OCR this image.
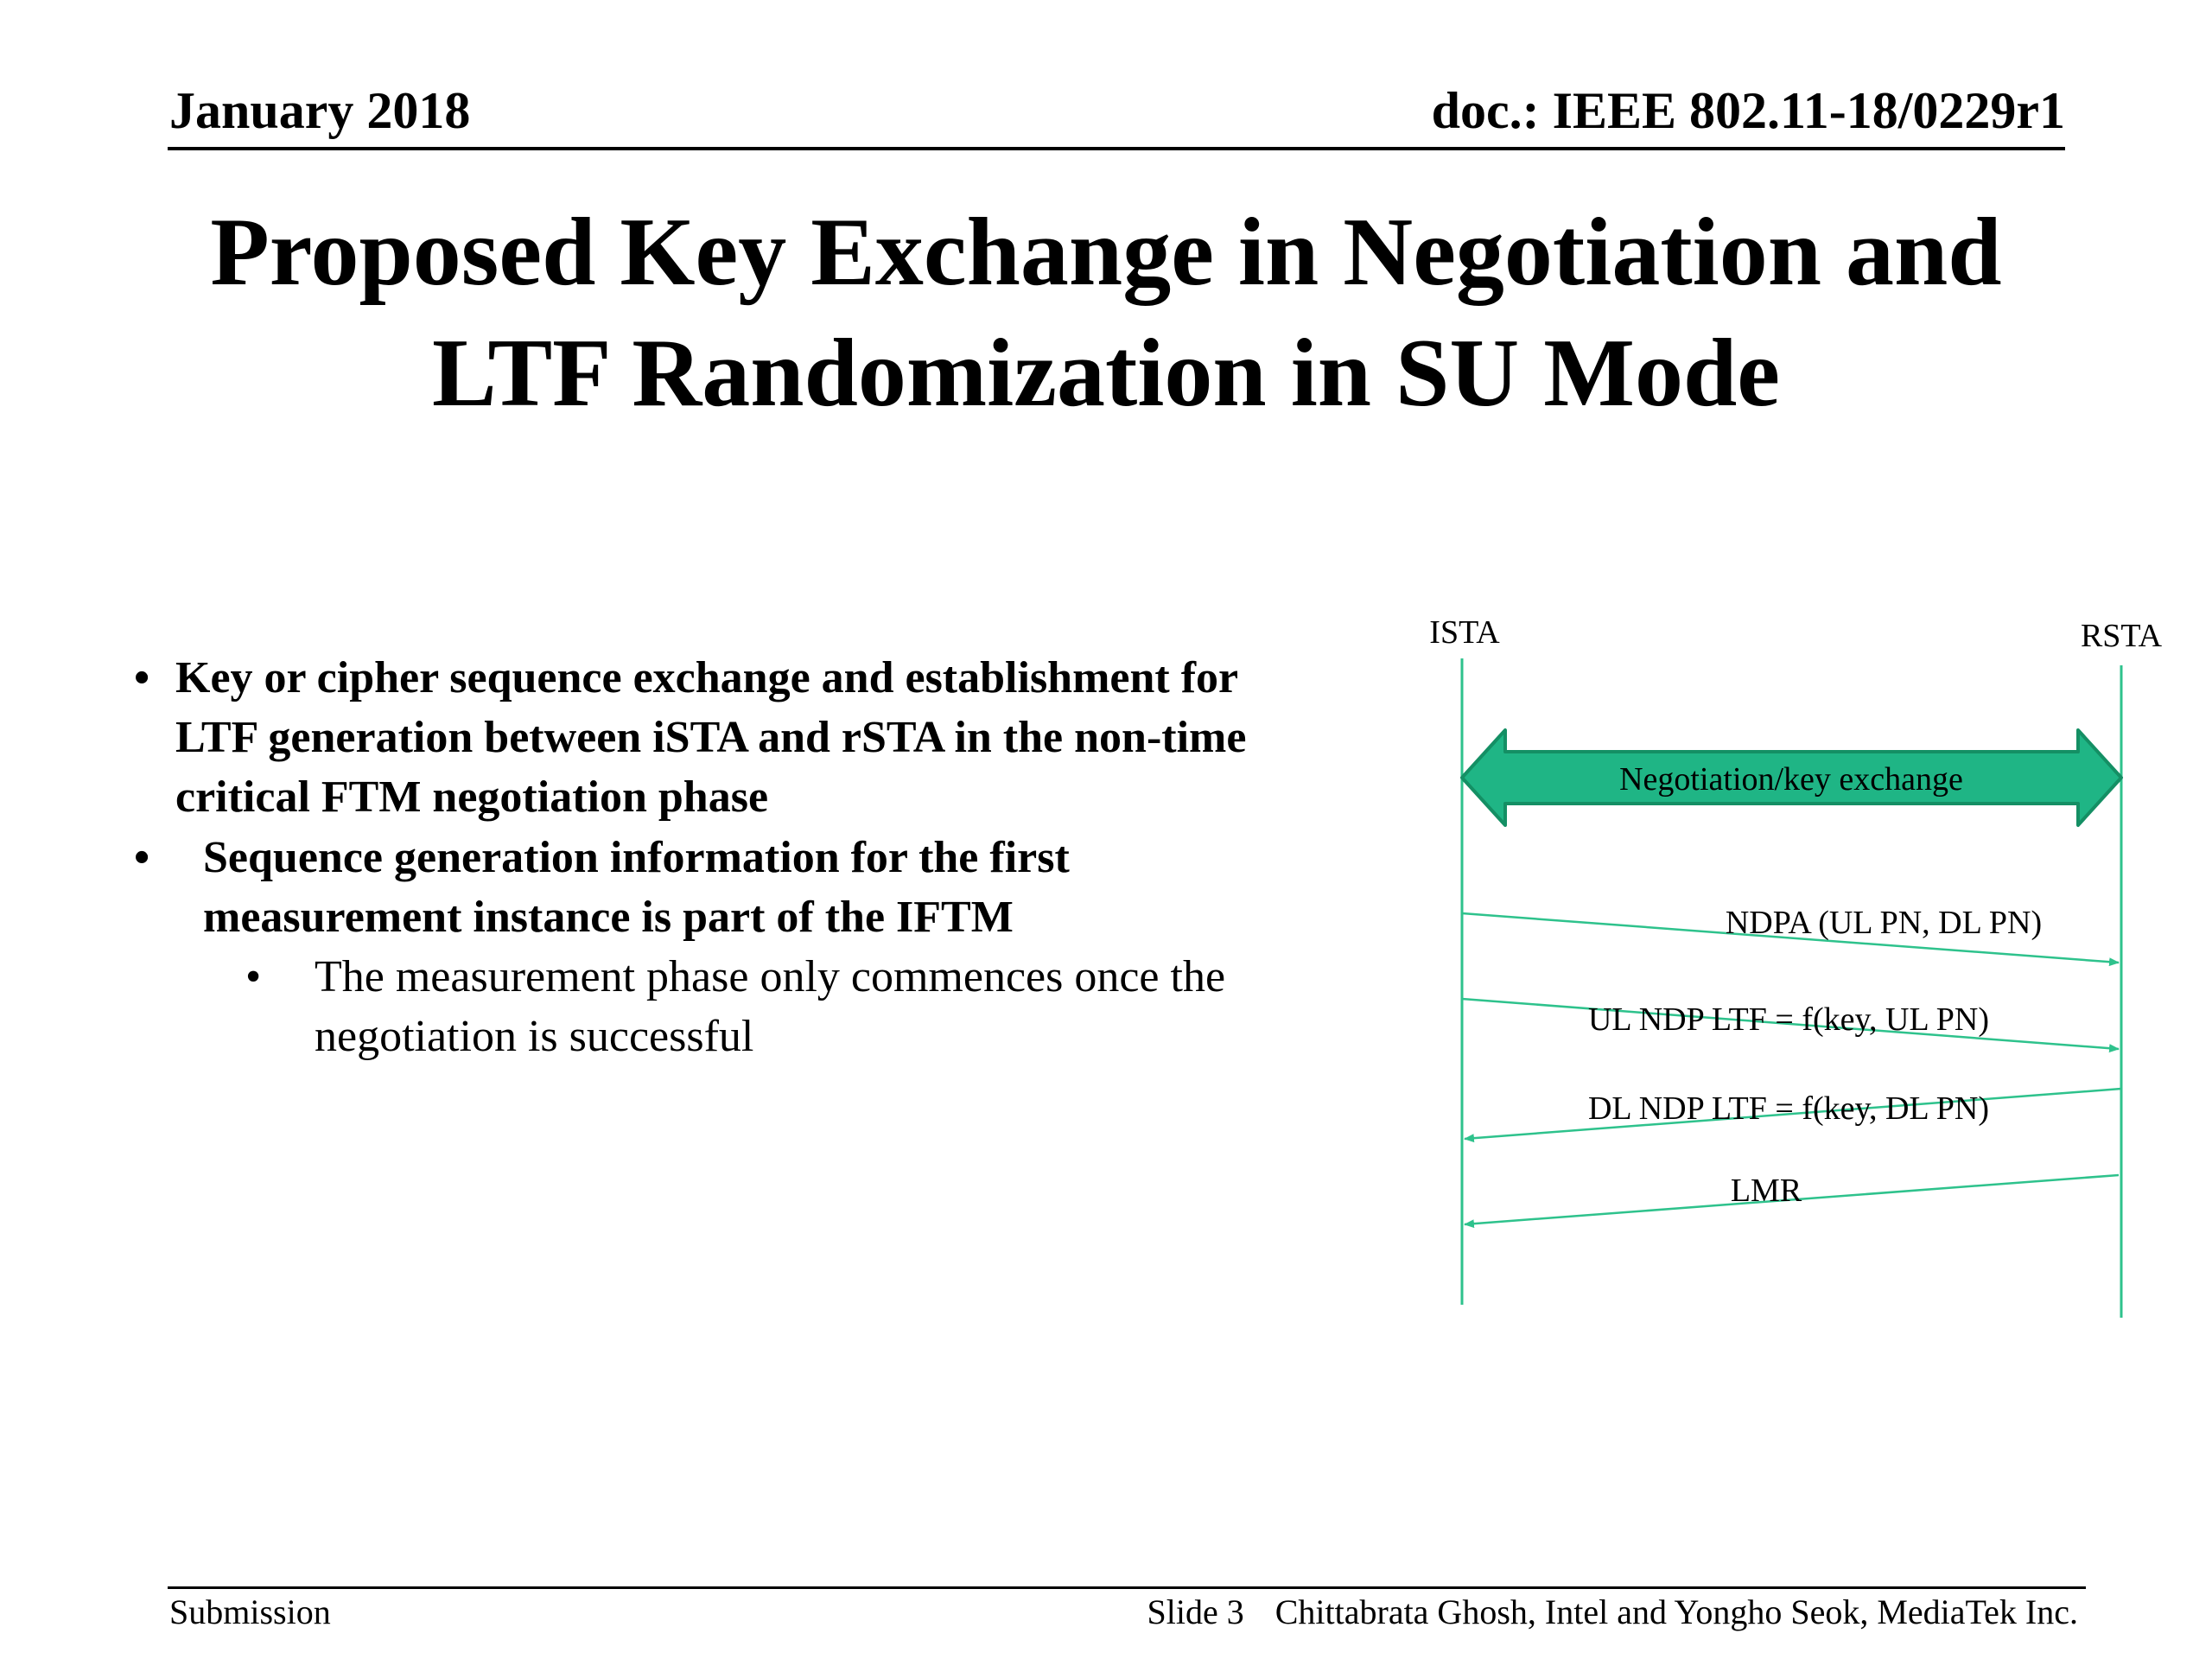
January 2018	doc.: IEEE 802.11-18/0229r1
Proposed Key Exchange in Negotiation and
LTF Randomization in SU Mode
• Key or cipher sequence exchange and establishment for
LTF generation between iSTA and rSTA in the non-time
critical FTM negotiation phase
• Sequence generation information for the first
measurement instance is part of the IFTM
• The measurement phase only commences once the
negotiation is successful
ISTA	RSTA
Negotiation/key exchange
NDPA (UL PN, DL PN)
UL NDP LTF = f(key, UL PN)
DL NDP LTF = f(key, DL PN)
LMR
Submission	Slide 3 Chittabrata Ghosh, Intel and Yongho Seok, MediaTek Inc.
